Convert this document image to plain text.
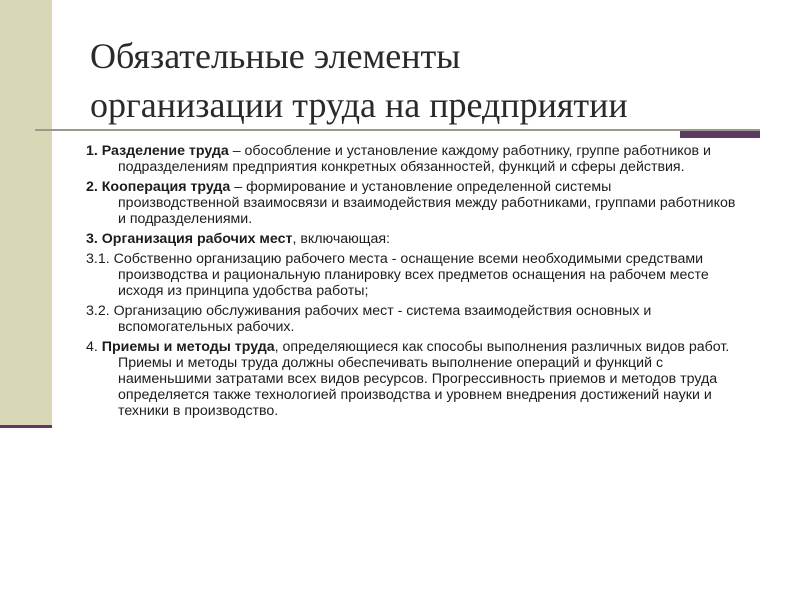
Обязательные элементы
организации труда на предприятии

1. Разделение труда – обособление и установление каждому работнику, группе работников и подразделениям предприятия конкретных обязанностей, функций и сферы действия.

2. Кооперация труда – формирование и установление определенной системы производственной взаимосвязи и взаимодействия между работниками, группами работников и подразделениями.

3. Организация рабочих мест, включающая:

3.1. Собственно организацию рабочего места - оснащение всеми необходимыми средствами производства и рациональную планировку всех предметов оснащения на рабочем месте исходя из принципа удобства работы;

3.2. Организацию обслуживания рабочих мест - система взаимодействия основных и вспомогательных рабочих.

4. Приемы и методы труда, определяющиеся как способы выполнения различных видов работ. Приемы и методы труда должны обеспечивать выполнение операций и функций с наименьшими затратами всех видов ресурсов. Прогрессивность приемов и методов труда определяется также технологией производства и уровнем внедрения достижений науки и техники в производство.
